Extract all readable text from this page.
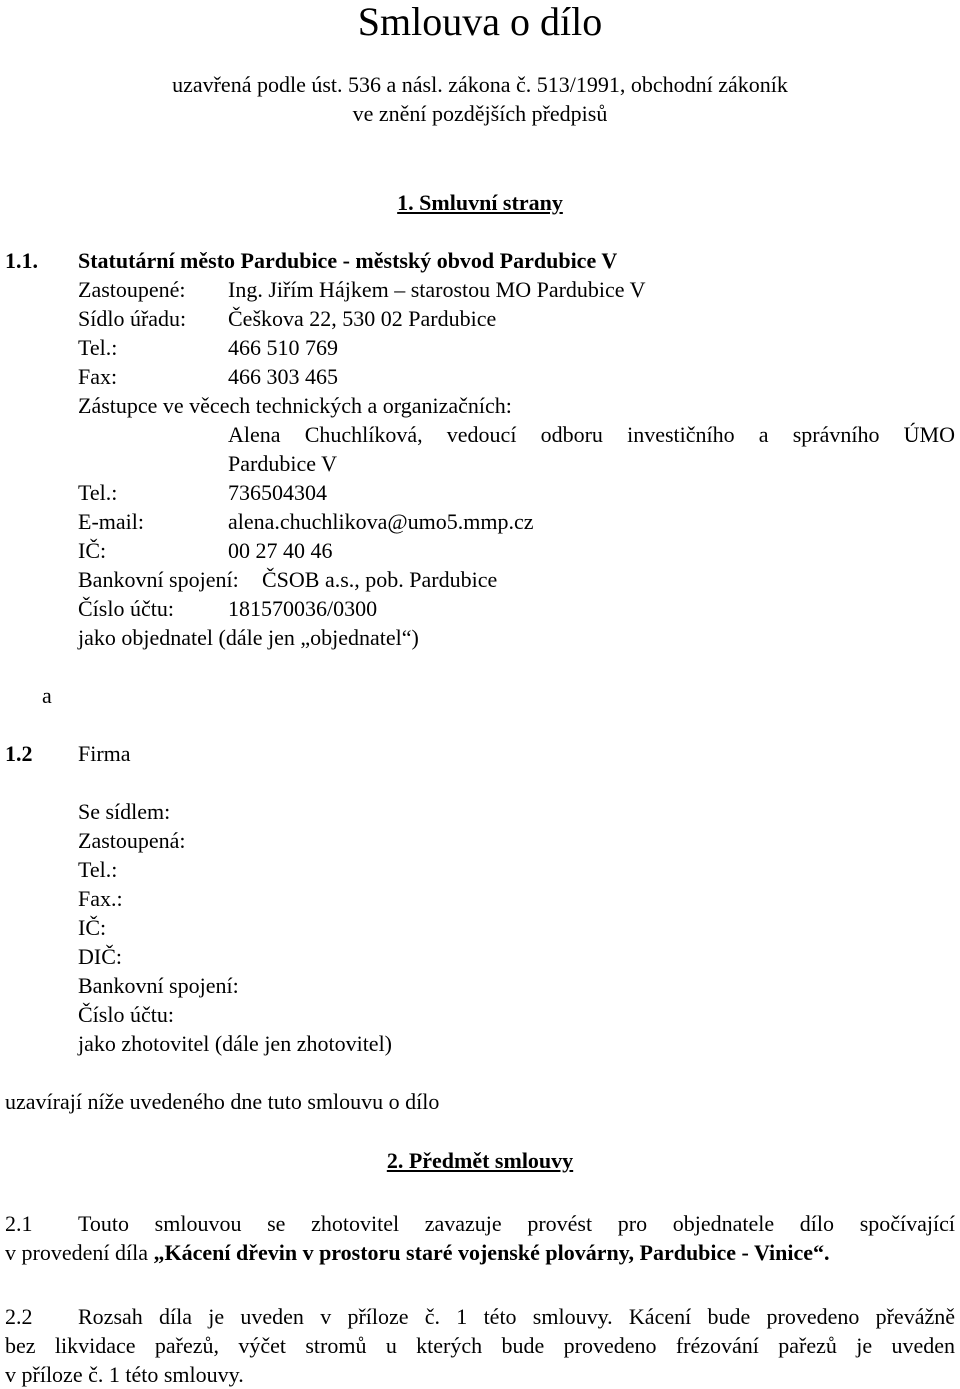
Smlouva o dílo
uzavřená podle úst. 536 a násl. zákona č. 513/1991, obchodní zákoník
ve znění pozdějších předpisů
1. Smluvní strany
1.1. Statutární město Pardubice - městský obvod Pardubice V
Zastoupené: Ing. Jiřím Hájkem – starostou MO Pardubice V
Sídlo úřadu: Češkova 22, 530 02 Pardubice
Tel.:	466 510 769
Fax:	466 303 465
Zástupce ve věcech technických a organizačních:
Alena Chuchlíková, vedoucí odboru investičního a správního ÚMO
Pardubice V
Tel.:	736504304
E-mail:	alena.chuchlikova@umo5.mmp.cz
IČ:	00 27 40 46
Bankovní spojení: ČSOB a.s., pob. Pardubice
Číslo účtu: 181570036/0300
jako objednatel (dále jen „objednatel“)
a
1.2 Firma
Se sídlem:
Zastoupená:
Tel.:
Fax.:
IČ:
DIČ:
Bankovní spojení:
Číslo účtu:
jako zhotovitel (dále jen zhotovitel)
uzavírají níže uvedeného dne tuto smlouvu o dílo
2. Předmět smlouvy
2.1 Touto smlouvou se zhotovitel zavazuje provést pro objednatele dílo spočívající
v provedení díla „Kácení dřevin v prostoru staré vojenské plovárny, Pardubice - Vinice“.
2.2 Rozsah díla je uveden v příloze č. 1 této smlouvy. Kácení bude provedeno převážně
bez likvidace pařezů, výčet stromů u kterých bude provedeno frézování pařezů je uveden
v příloze č. 1 této smlouvy.
